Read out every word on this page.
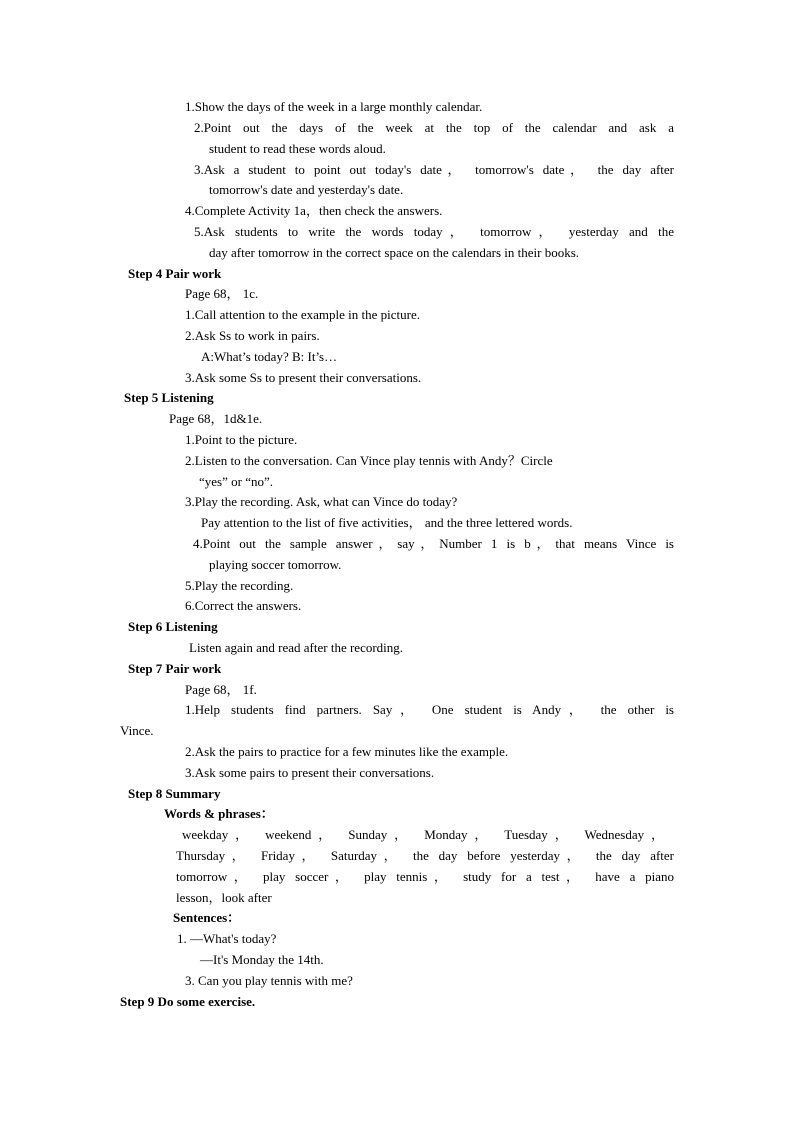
1.Show the days of the week in a large monthly calendar.
2.Point out the days of the week at the top of the calendar and ask a
student to read these words aloud.
3.Ask a student to point out today's date， tomorrow's date， the day after
tomorrow's date and yesterday's date.
4.Complete Activity 1a，then check the answers.
5.Ask students to write the words today， tomorrow， yesterday and the
day after tomorrow in the correct space on the calendars in their books.
Step 4 Pair work
Page 68， 1c.
1.Call attention to the example in the picture.
2.Ask Ss to work in pairs.
A:What’s today? B: It’s…
3.Ask some Ss to present their conversations.
Step 5 Listening
Page 68，1d&1e.
1.Point to the picture.
2.Listen to the conversation. Can Vince play tennis with Andy？Circle
“yes” or “no”.
3.Play the recording. Ask, what can Vince do today?
Pay attention to the list of five activities， and the three lettered words.
4.Point out the sample answer，say，Number 1 is b，that means Vince is
playing soccer tomorrow.
5.Play the recording.
6.Correct the answers.
Step 6 Listening
Listen again and read after the recording.
Step 7 Pair work
Page 68， 1f.
1.Help students find partners. Say， One student is Andy， the other is
Vince.
2.Ask the pairs to practice for a few minutes like the example.
3.Ask some pairs to present their conversations.
Step 8 Summary
Words & phrases：
weekday， weekend， Sunday， Monday， Tuesday， Wednesday，
Thursday， Friday， Saturday， the day before yesterday， the day after
tomorrow， play soccer， play tennis， study for a test， have a piano
lesson，look after
Sentences：
1. —What's today?
—It's Monday the 14th.
3. Can you play tennis with me?
Step 9 Do some exercise.
